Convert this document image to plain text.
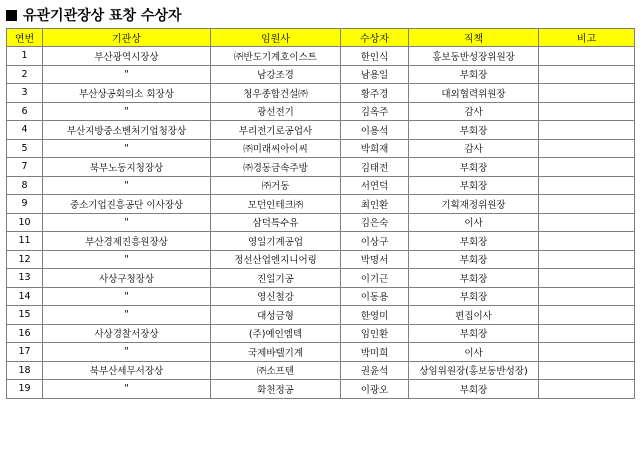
유관기관장상 표창 수상자
연번	기관상	임원사	수상자	직책	비고
1	부산광역시장상	㈜반도기계호이스트	한인식	홍보동반성장위원장	
2	"	남강조경	남용일	부회장	
3	부산상공회의소 회장상	청우종합건설㈜	황주경	대외협력위원장	
6	"	광선전기	김옥주	감사	
4	부산지방중소벤처기업청장상	부리전기로공업사	이용석	부회장	
5	"	㈜미래씨아이씨	박희재	감사	
7	북부노동지청장상	㈜경동금속주방	김태전	부회장	
8	"	㈜거동	서연덕	부회장	
9	중소기업진흥공단 이사장상	모던인테크㈜	최인환	기획재정위원장	
10	"	삼덕특수유	김은숙	이사	
11	부산경제진흥원장상	영일기계공업	이상구	부회장	
12	"	정선산업엔지니어링	박명서	부회장	
13	사상구청장상	진일기공	이기근	부회장	
14	"	영신철강	이동용	부회장	
15	"	대성금형	한영미	편집이사	
16	사상경찰서장상	(주)예인엠텍	임인환	부회장	
17	"	국제바텔기계	박미희	이사	
18	북부산세무서장상	㈜소프텐	권윤석	상임위원장(홍보동반성장)	
19	"	화천정공	이광오	부회장	
